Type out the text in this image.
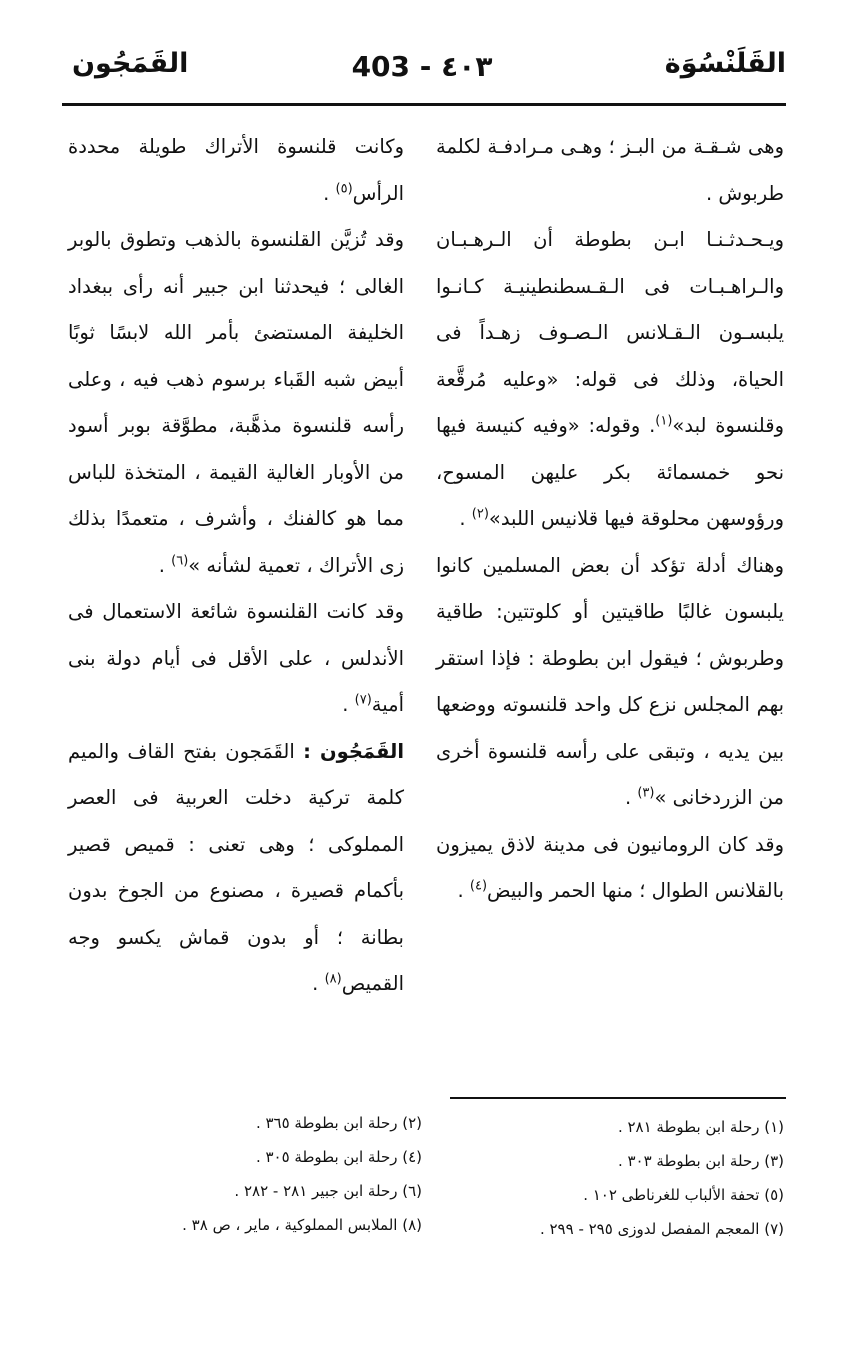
القَلَنْسُوَة
403 - ٤٠٣
القَمَجُون

وهى شـقـة من البـز ؛ وهـى مـرادفـة لكلمة طربوش .

ويـحـدثـنـا ابـن بطوطة أن الـرهـبـان والـراهـبـات فى الـقـسطنطينيـة كـانـوا يلبسـون الـقـلانس الـصـوف زهـداً فى الحياة، وذلك فى قوله: «وعليه مُرقَّعة وقلنسوة لبد»$^{(١)}$. وقوله: «وفيه كنيسة فيها نحو خمسمائة بكر عليهن المسوح، ورؤوسهن محلوقة فيها قلانيس اللبد»$^{(٢)}$ .

وهناك أدلة تؤكد أن بعض المسلمين كانوا يلبسون غالبًا طاقيتين أو كلوتتين: طاقية وطربوش ؛ فيقول ابن بطوطة : فإذا استقر بهم المجلس نزع كل واحد قلنسوته ووضعها بين يديه ، وتبقى على رأسه قلنسوة أخرى من الزردخانى »$^{(٣)}$ .

وقد كان الرومانيون فى مدينة لاذق يميزون بالقلانس الطوال ؛ منها الحمر والبيض$^{(٤)}$ .

وكانت قلنسوة الأتراك طويلة محددة الرأس$^{(٥)}$ .

وقد تُزيَّن القلنسوة بالذهب وتطوق بالوبر الغالى ؛ فيحدثنا ابن جبير أنه رأى ببغداد الخليفة المستضئ بأمر الله لابسًا ثوبًا أبيض شبه القَباء برسوم ذهب فيه ، وعلى رأسه قلنسوة مذهَّبة، مطوَّقة بوبر أسود من الأوبار الغالية القيمة ، المتخذة للباس مما هو كالفنك ، وأشرف ، متعمدًا بذلك زى الأتراك ، تعمية لشأنه »$^{(٦)}$ .

وقد كانت القلنسوة شائعة الاستعمال فى الأندلس ، على الأقل فى أيام دولة بنى أمية$^{(٧)}$ .

القَمَجُون : القَمَجون بفتح القاف والميم كلمة تركية دخلت العربية فى العصر المملوكى ؛ وهى تعنى : قميص قصير بأكمام قصيرة ، مصنوع من الجوخ بدون بطانة ؛ أو بدون قماش يكسو وجه القميص$^{(٨)}$ .

(١) رحلة ابن بطوطة ٢٨١ .
(٣) رحلة ابن بطوطة ٣٠٣ .
(٥) تحفة الألباب للغرناطى ١٠٢ .
(٧) المعجم المفصل لدوزى ٢٩٥ - ٢٩٩ .
(٢) رحلة ابن بطوطة ٣٦٥ .
(٤) رحلة ابن بطوطة ٣٠٥ .
(٦) رحلة ابن جبير ٢٨١ - ٢٨٢ .
(٨) الملابس المملوكية ، ماير ، ص ٣٨ .
